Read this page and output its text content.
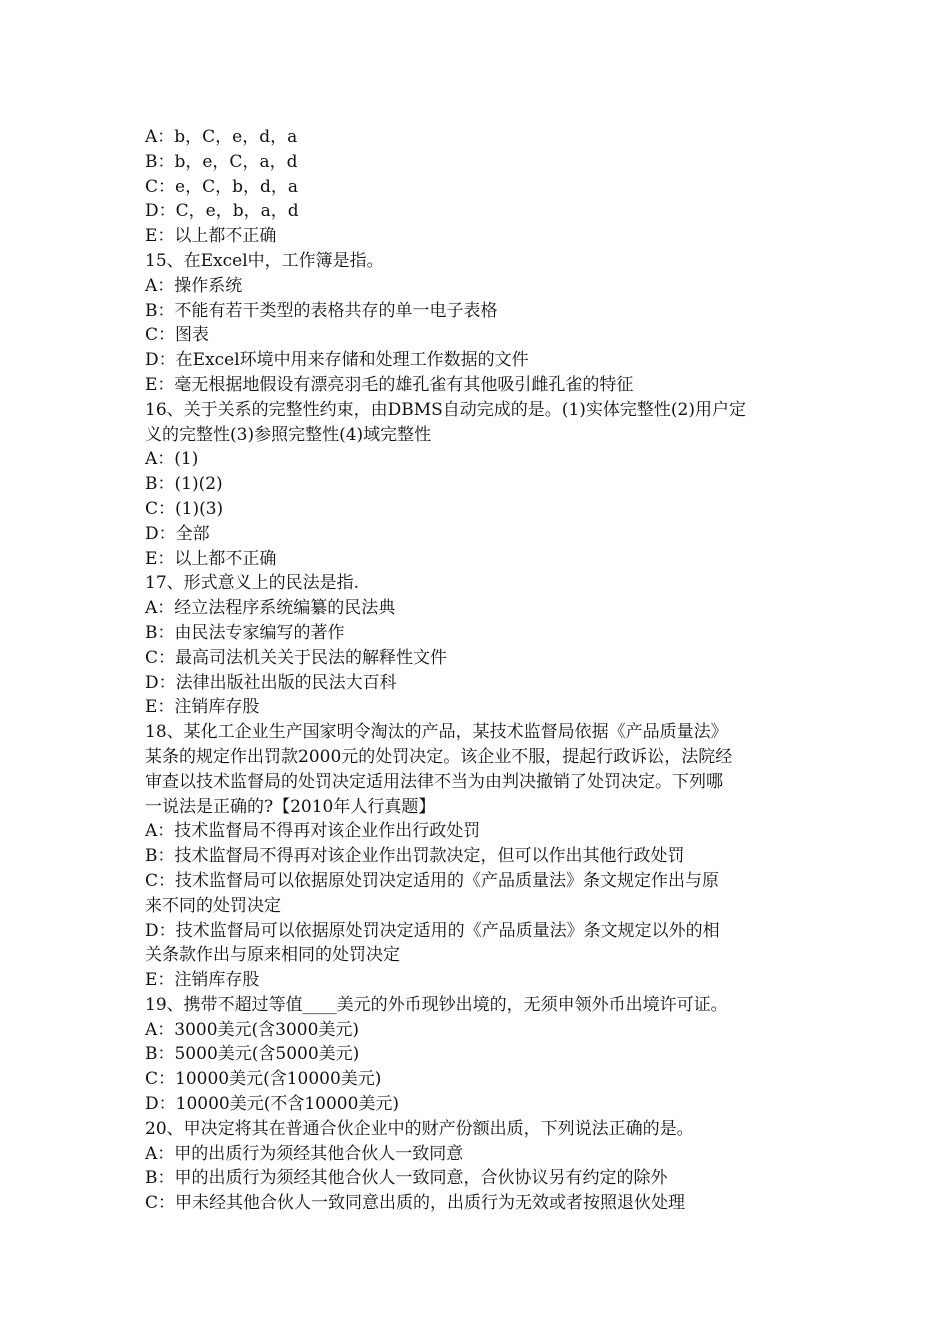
A：b，C，e，d，a
B：b，e，C，a，d
C：e，C，b，d，a
D：C，e，b，a，d
E：以上都不正确
15、在Excel中，工作簿是指。
A：操作系统
B：不能有若干类型的表格共存的单一电子表格
C：图表
D：在Excel环境中用来存储和处理工作数据的文件
E：毫无根据地假设有漂亮羽毛的雄孔雀有其他吸引雌孔雀的特征
16、关于关系的完整性约束，由DBMS自动完成的是。(1)实体完整性(2)用户定
义的完整性(3)参照完整性(4)域完整性
A：(1)
B：(1)(2)
C：(1)(3)
D：全部
E：以上都不正确
17、形式意义上的民法是指.
A：经立法程序系统编纂的民法典
B：由民法专家编写的著作
C：最高司法机关关于民法的解释性文件
D：法律出版社出版的民法大百科
E：注销库存股
18、某化工企业生产国家明令淘汰的产品，某技术监督局依据《产品质量法》
某条的规定作出罚款2000元的处罚决定。该企业不服，提起行政诉讼，法院经
审查以技术监督局的处罚决定适用法律不当为由判决撤销了处罚决定。下列哪
一说法是正确的?【2010年人行真题】
A：技术监督局不得再对该企业作出行政处罚
B：技术监督局不得再对该企业作出罚款决定，但可以作出其他行政处罚
C：技术监督局可以依据原处罚决定适用的《产品质量法》条文规定作出与原
来不同的处罚决定
D：技术监督局可以依据原处罚决定适用的《产品质量法》条文规定以外的相
关条款作出与原来相同的处罚决定
E：注销库存股
19、携带不超过等值____美元的外币现钞出境的，无须申领外币出境许可证。
A：3000美元(含3000美元)
B：5000美元(含5000美元)
C：10000美元(含10000美元)
D：10000美元(不含10000美元)
20、甲决定将其在普通合伙企业中的财产份额出质，下列说法正确的是。
A：甲的出质行为须经其他合伙人一致同意
B：甲的出质行为须经其他合伙人一致同意，合伙协议另有约定的除外
C：甲未经其他合伙人一致同意出质的，出质行为无效或者按照退伙处理
